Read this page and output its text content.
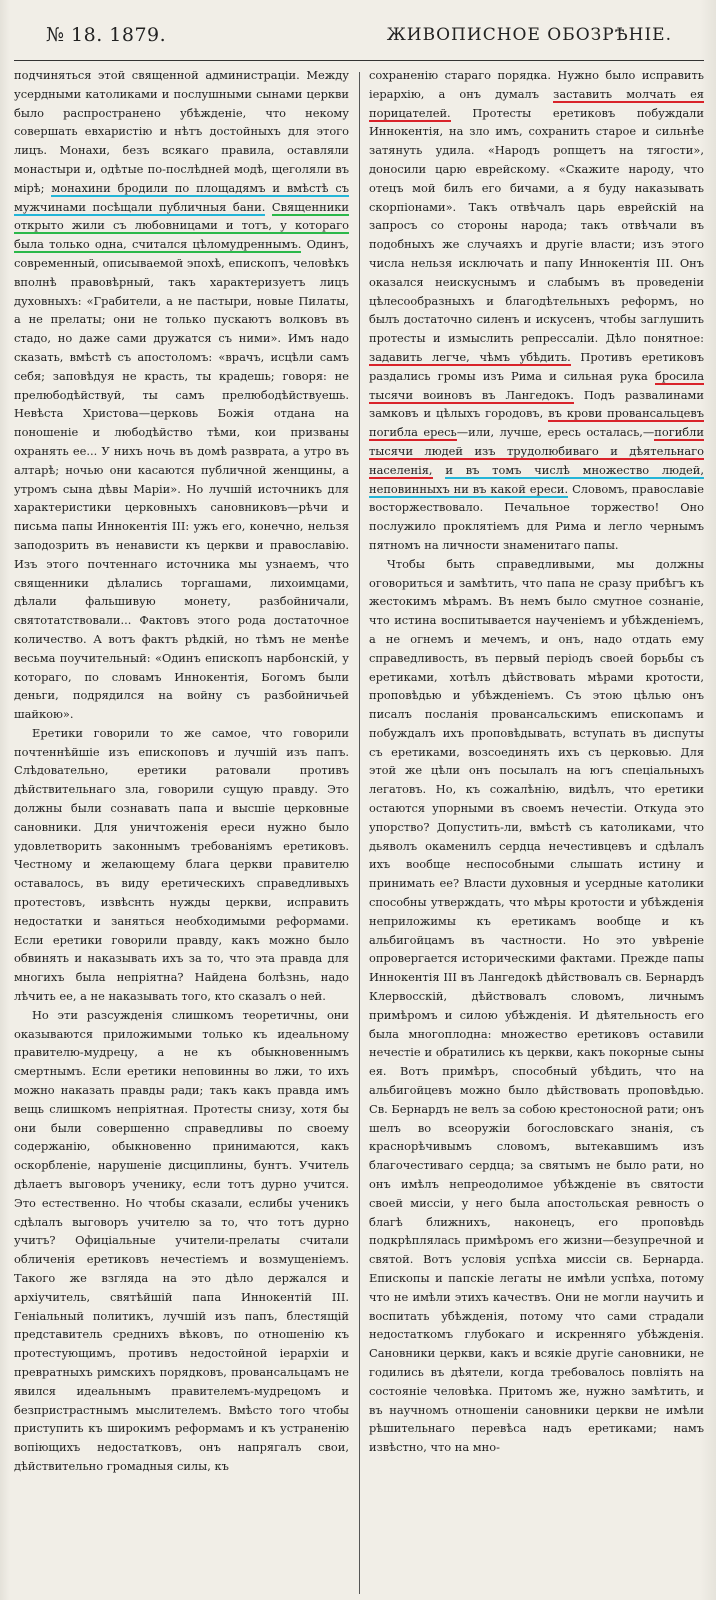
№ 18. 1879.	ЖИВОПИСНОЕ ОБОЗРѢНІЕ.

подчиняться этой священной администраціи. Между усердными католиками и послушными сынами церкви было распространено убѣжденіе, что некому совершать евхаристію и нѣтъ достойныхъ для этого лицъ. Монахи, безъ всякаго правила, оставляли монастыри и, одѣтые по-послѣдней модѣ, щеголяли въ мірѣ; монахини бродили по площадямъ и вмѣстѣ съ мужчинами посѣщали публичныя бани. Священники открыто жили съ любовницами и тотъ, у котораго была только одна, считался цѣломудреннымъ. Одинъ, современный, описываемой эпохѣ, епископъ, человѣкъ вполнѣ правовѣрный, такъ характеризуетъ лицъ духовныхъ: «Грабители, а не пастыри, новые Пилаты, а не прелаты; они не только пускаютъ волковъ въ стадо, но даже сами дружатся съ ними». Имъ надо сказать, вмѣстѣ съ апостоломъ: «врачъ, исцѣли самъ себя; заповѣдуя не красть, ты крадешь; говоря: не прелюбодѣйствуй, ты самъ прелюбодѣйствуешь. Невѣста Христова—церковь Божія отдана на поношеніе и любодѣйство тѣми, кои призваны охранять ее... У нихъ ночь въ домѣ разврата, а утро въ алтарѣ; ночью они касаются публичной женщины, а утромъ сына дѣвы Маріи». Но лучшій источникъ для характеристики церковныхъ сановниковъ—рѣчи и письма папы Иннокентія III: ужъ его, конечно, нельзя заподозрить въ ненависти къ церкви и православію. Изъ этого почтеннаго источника мы узнаемъ, что священники дѣлались торгашами, лихоимцами, дѣлали фальшивую монету, разбойничали, святотатствовали... Фактовъ этого рода достаточное количество. А вотъ фактъ рѣдкій, но тѣмъ не менѣе весьма поучительный: «Одинъ епископъ нарбонскій, у котораго, по словамъ Иннокентія, Богомъ были деньги, подрядился на войну съ разбойничьей шайкою».

Еретики говорили то же самое, что говорили почтеннѣйшіе изъ епископовъ и лучшій изъ папъ. Слѣдовательно, еретики ратовали противъ дѣйствительнаго зла, говорили сущую правду. Это должны были сознавать папа и высшіе церковные сановники. Для уничтоженія ереси нужно было удовлетворить законнымъ требованіямъ еретиковъ. Честному и желающему блага церкви правителю оставалось, въ виду еретическихъ справедливыхъ протестовъ, извѣснть нужды церкви, исправить недостатки и заняться необходимыми реформами. Если еретики говорили правду, какъ можно было обвинять и наказывать ихъ за то, что эта правда для многихъ была непріятна? Найдена болѣзнь, надо лѣчить ее, а не наказывать того, кто сказалъ о ней.

Но эти разсужденія слишкомъ теоретичны, они оказываются приложимыми только къ идеальному правителю-мудрецу, а не къ обыкновеннымъ смертнымъ. Если еретики неповинны во лжи, то ихъ можно наказать правды ради; такъ какъ правда имъ вещь слишкомъ непріятная. Протесты снизу, хотя бы они были совершенно справедливы по своему содержанію, обыкновенно принимаются, какъ оскорбленіе, нарушеніе дисциплины, бунтъ. Учитель дѣлаетъ выговоръ ученику, если тотъ дурно учится. Это естественно. Но чтобы сказали, еслибы ученикъ сдѣлалъ выговоръ учителю за то, что тотъ дурно учитъ? Офиціальные учители-прелаты считали обличенія еретиковъ нечестіемъ и возмущеніемъ. Такого же взгляда на это дѣло держался и архіучитель, святѣйшій папа Иннокентій III. Геніальный политикъ, лучшій изъ папъ, блестящій представитель среднихъ вѣковъ, по отношенію къ протестующимъ, противъ недостойной іерархіи и превратныхъ римскихъ порядковъ, провансальцамъ не явился идеальнымъ правителемъ-мудрецомъ и безпристрастнымъ мыслителемъ. Вмѣсто того чтобы приступить къ широкимъ реформамъ и къ устраненію вопіющихъ недостатковъ, онъ напрягалъ свои, дѣйствительно громадныя силы, къ

сохраненію стараго порядка. Нужно было исправить іерархію, а онъ думалъ заставить молчать ея порицателей. Протесты еретиковъ побуждали Иннокентія, на зло имъ, сохранить старое и сильнѣе затянуть удила. «Народъ ропщетъ на тягости», доносили царю еврейскому. «Скажите народу, что отецъ мой билъ его бичами, а я буду наказывать скорпіонами». Такъ отвѣчалъ царь еврейскій на запросъ со стороны народа; такъ отвѣчали въ подобныхъ же случаяхъ и другіе власти; изъ этого числа нельзя исключать и папу Иннокентія III. Онъ оказался неискуснымъ и слабымъ въ проведеніи цѣлесообразныхъ и благодѣтельныхъ реформъ, но былъ достаточно силенъ и искусенъ, чтобы заглушить протесты и измыслить репрессаліи. Дѣло понятное: задавить легче, чѣмъ убѣдить. Противъ еретиковъ раздались громы изъ Рима и сильная рука бросила тысячи воиновъ въ Лангедокъ. Подъ развалинами замковъ и цѣлыхъ городовъ, въ крови провансальцевъ погибла ересь—или, лучше, ересь осталась,—погибли тысячи людей изъ трудолюбиваго и дѣятельнаго населенія, и въ томъ числѣ множество людей, неповинныхъ ни въ какой ереси. Словомъ, православіе восторжествовало. Печальное торжество! Оно послужило проклятіемъ для Рима и легло чернымъ пятномъ на личности знаменитаго папы.

Чтобы быть справедливыми, мы должны оговориться и замѣтить, что папа не сразу прибѣгъ къ жестокимъ мѣрамъ. Въ немъ было смутное сознаніе, что истина воспитывается наученіемъ и убѣжденіемъ, а не огнемъ и мечемъ, и онъ, надо отдать ему справедливость, въ первый періодъ своей борьбы съ еретиками, хотѣлъ дѣйствовать мѣрами кротости, проповѣдью и убѣжденіемъ. Съ этою цѣлью онъ писалъ посланія провансальскимъ епископамъ и побуждалъ ихъ проповѣдывать, вступать въ диспуты съ еретиками, возсоединять ихъ съ церковью. Для этой же цѣли онъ посылалъ на югъ спеціальныхъ легатовъ. Но, къ сожалѣнію, видѣлъ, что еретики остаются упорными въ своемъ нечестіи. Откуда это упорство? Допустить-ли, вмѣстѣ съ католиками, что дьяволъ окаменилъ сердца нечестивцевъ и сдѣлалъ ихъ вообще неспособными слышать истину и принимать ее? Власти духовныя и усердные католики способны утверждать, что мѣры кротости и убѣжденія неприложимы къ еретикамъ вообще и къ альбигойцамъ въ частности. Но это увѣреніе опровергается историческими фактами. Прежде папы Иннокентія III въ Лангедокѣ дѣйствовалъ св. Бернардъ Клервосскій, дѣйствовалъ словомъ, личнымъ примѣромъ и силою убѣжденія. И дѣятельность его была многоплодна: множество еретиковъ оставили нечестіе и обратились къ церкви, какъ покорные сыны ея. Вотъ примѣръ, способный убѣдить, что на альбигойцевъ можно было дѣйствовать проповѣдью. Св. Бернардъ не велъ за собою крестоносной рати; онъ шелъ во всеоружіи богословскаго знанія, съ краснорѣчивымъ словомъ, вытекавшимъ изъ благочестиваго сердца; за святымъ не было рати, но онъ имѣлъ непреодолимое убѣжденіе въ святости своей миссіи, у него была апостольская ревность о благѣ ближнихъ, наконецъ, его проповѣдь подкрѣплялась примѣромъ его жизни—безупречной и святой. Вотъ условія успѣха миссіи св. Бернарда. Епископы и папскіе легаты не имѣли успѣха, потому что не имѣли этихъ качествъ. Они не могли научить и воспитать убѣжденія, потому что сами страдали недостаткомъ глубокаго и искренняго убѣжденія. Сановники церкви, какъ и всякіе другіе сановники, не годились въ дѣятели, когда требовалось повліять на состояніе человѣка. Притомъ же, нужно замѣтить, и въ научномъ отношеніи сановники церкви не имѣли рѣшительнаго перевѣса надъ еретиками; намъ извѣстно, что на мно-
